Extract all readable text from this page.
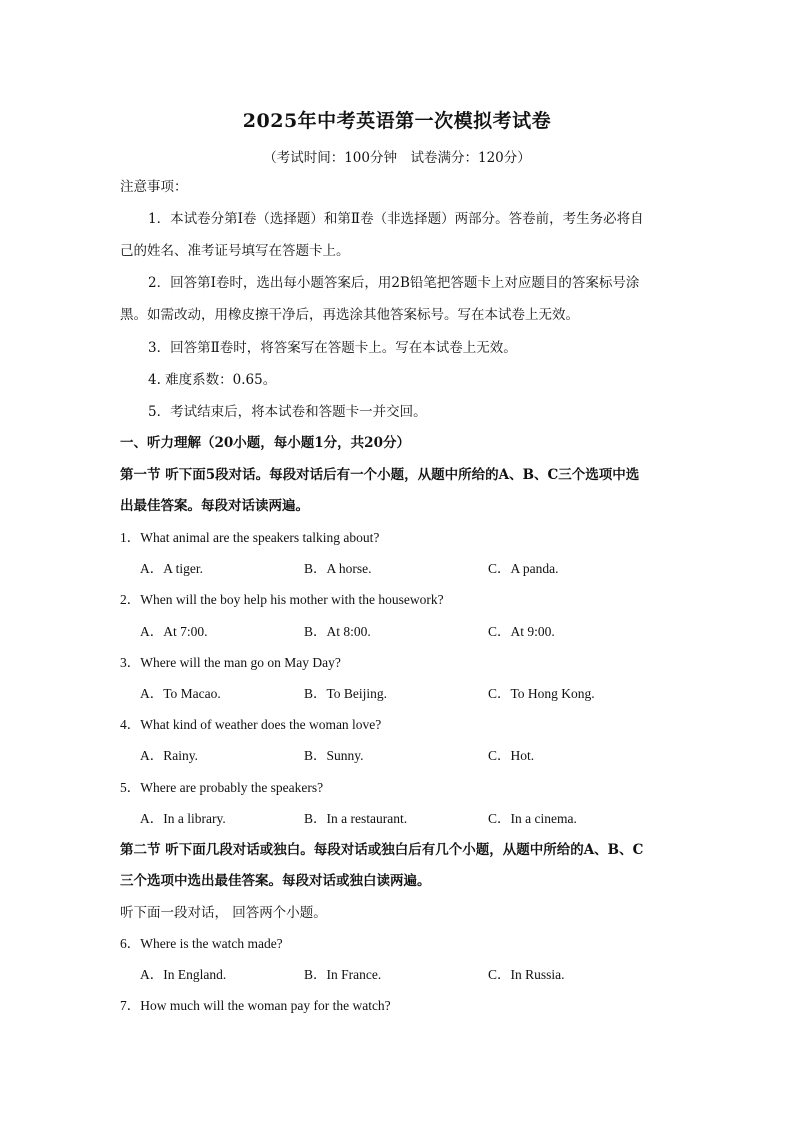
2025年中考英语第一次模拟考试卷
（考试时间：100分钟　试卷满分：120分）
注意事项：
1．本试卷分第Ⅰ卷（选择题）和第Ⅱ卷（非选择题）两部分。答卷前，考生务必将自
己的姓名、准考证号填写在答题卡上。
2．回答第Ⅰ卷时，选出每小题答案后，用2B铅笔把答题卡上对应题目的答案标号涂
黑。如需改动，用橡皮擦干净后，再选涂其他答案标号。写在本试卷上无效。
3．回答第Ⅱ卷时，将答案写在答题卡上。写在本试卷上无效。
4. 难度系数：0.65。
5．考试结束后，将本试卷和答题卡一并交回。
一、听力理解（20小题，每小题1分，共20分）
第一节 听下面5段对话。每段对话后有一个小题，从题中所给的A、B、C三个选项中选
出最佳答案。每段对话读两遍。
1．What animal are the speakers talking about?
A．A tiger.	B．A horse.	C．A panda.
2．When will the boy help his mother with the housework?
A．At 7:00.	B．At 8:00.	C．At 9:00.
3．Where will the man go on May Day?
A．To Macao.	B．To Beijing.	C．To Hong Kong.
4．What kind of weather does the woman love?
A．Rainy.	B．Sunny.	C．Hot.
5．Where are probably the speakers?
A．In a library.	B．In a restaurant.	C．In a cinema.
第二节 听下面几段对话或独白。每段对话或独白后有几个小题，从题中所给的A、B、C
三个选项中选出最佳答案。每段对话或独白读两遍。
听下面一段对话， 回答两个小题。
6．Where is the watch made?
A．In England.	B．In France.	C．In Russia.
7．How much will the woman pay for the watch?
